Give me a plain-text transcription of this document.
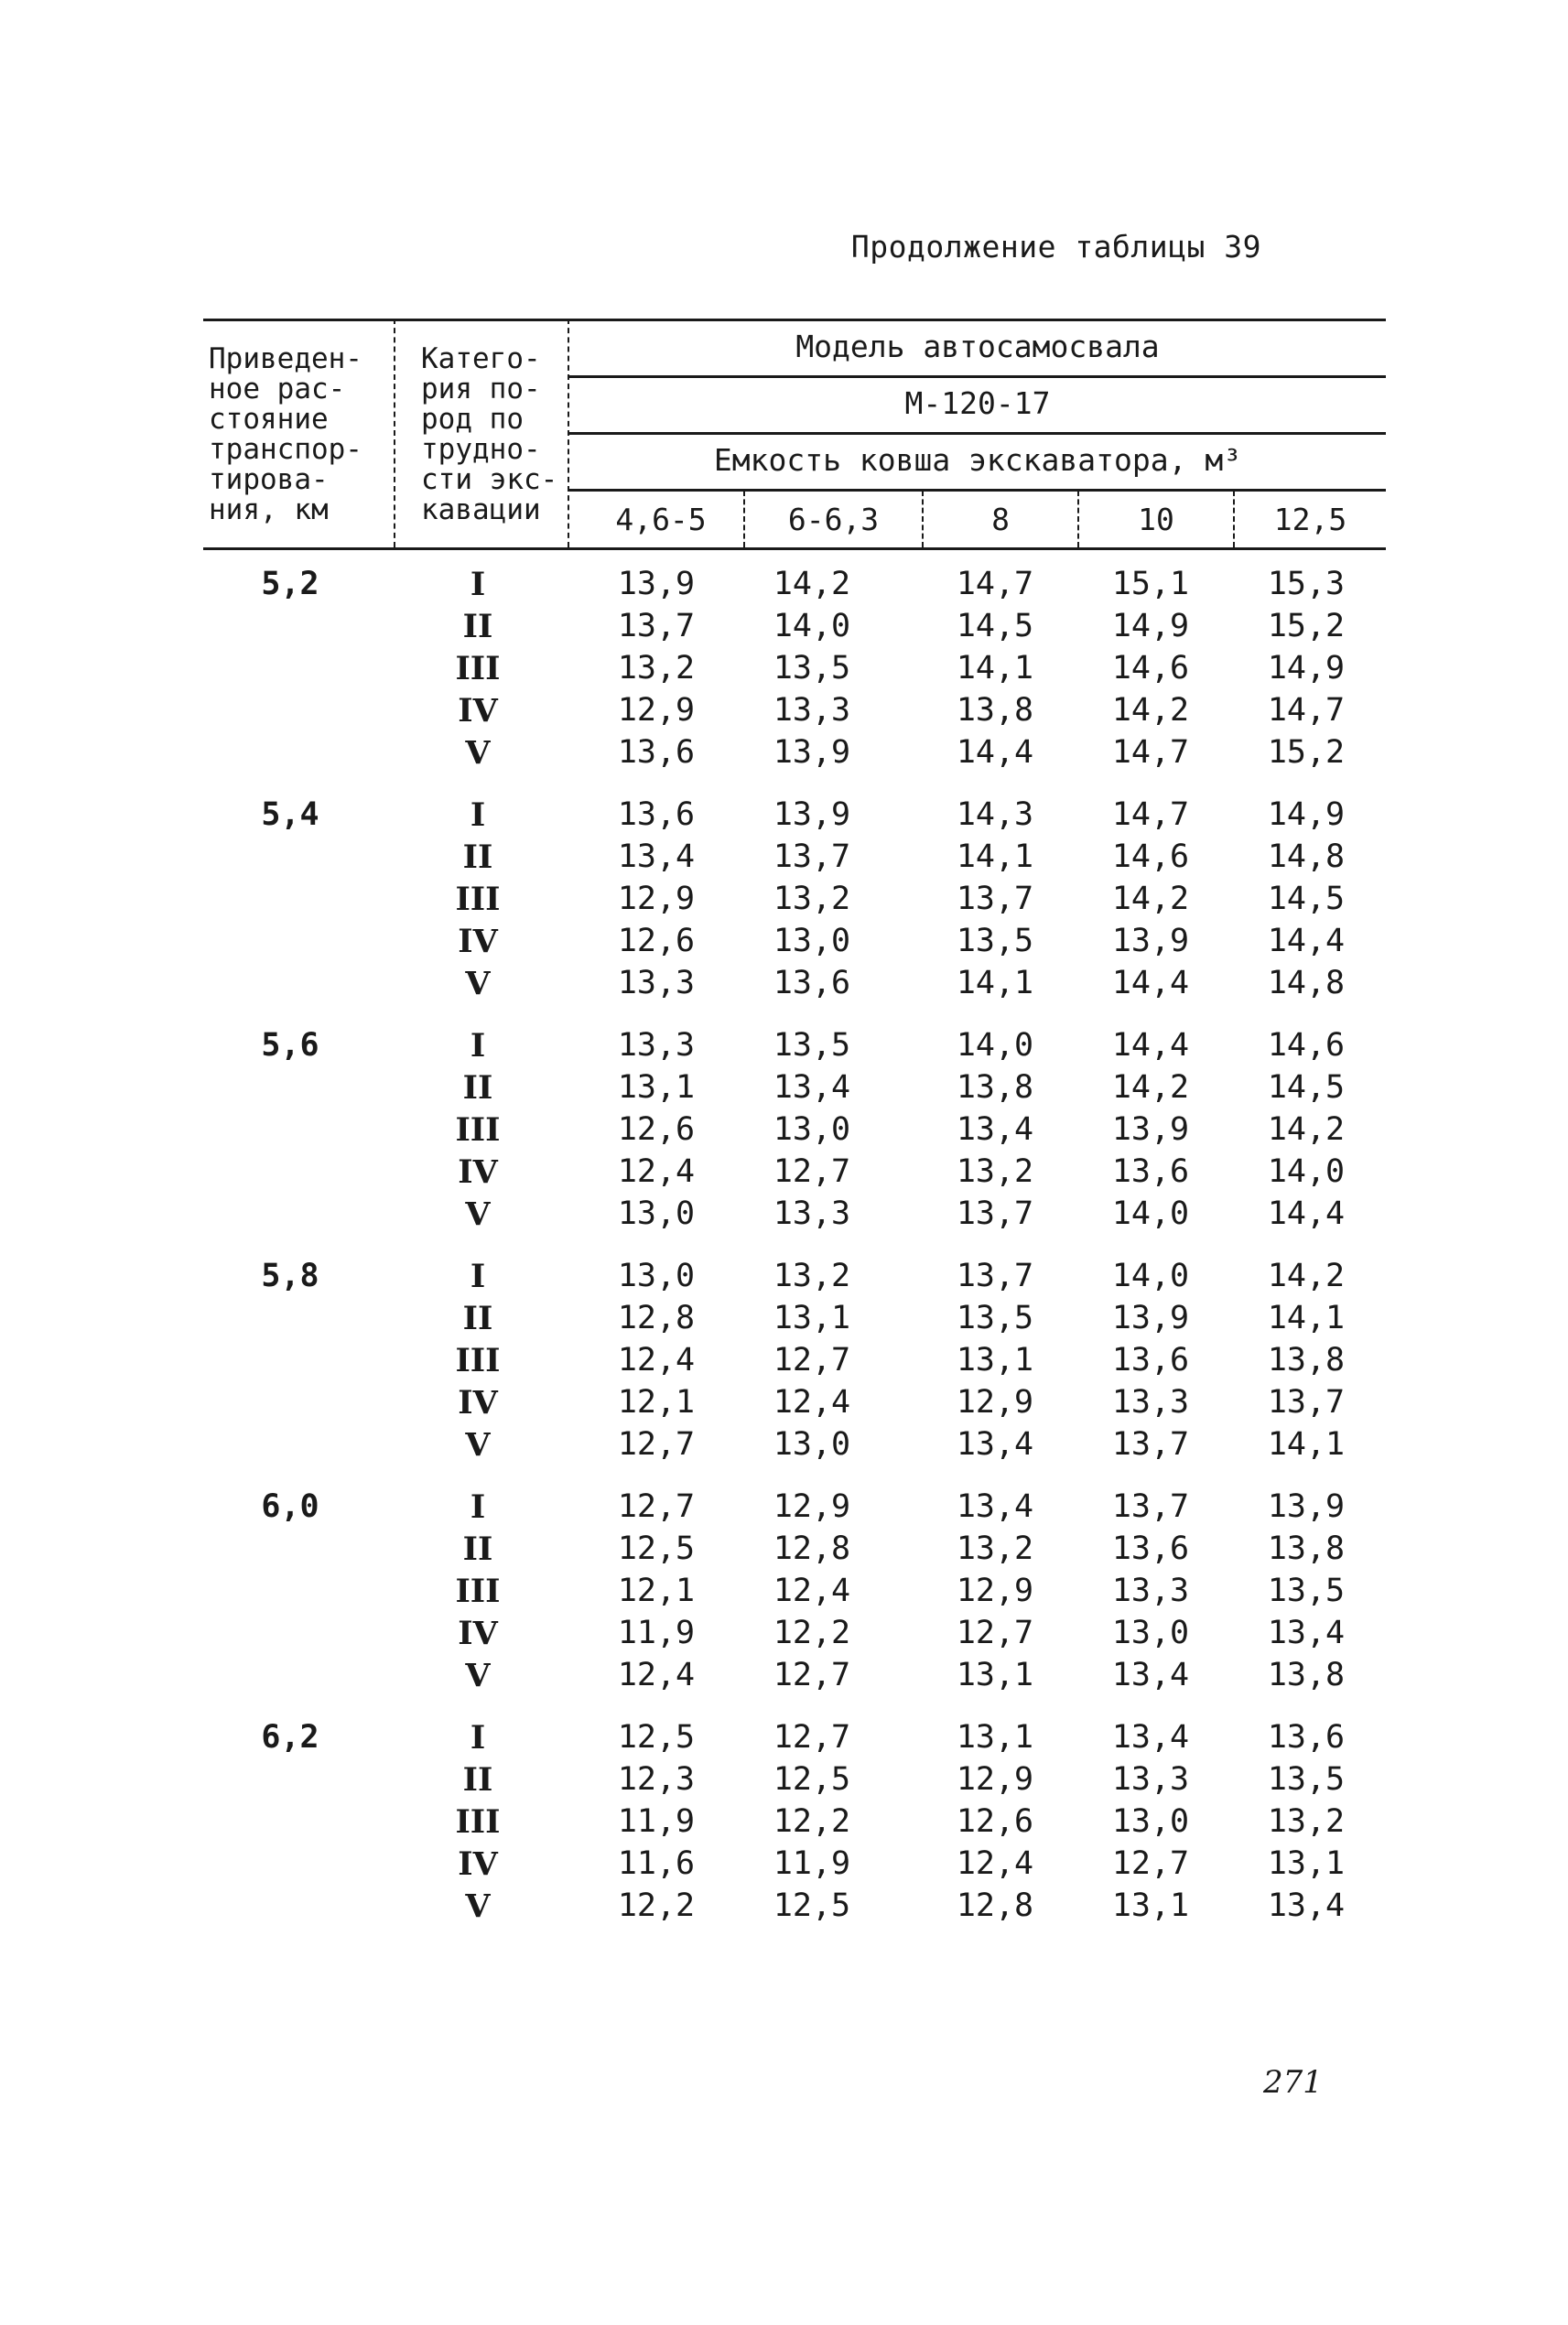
Продолжение таблицы 39
Приведен-
ное рас-
стояние
транспор-
тирова-
ния, км
Катего-
рия по-
род по
трудно-
сти экс-
кавации
Модель автосамосвала
М-120-17
Емкость ковша экскаватора, м³
4,6-5	6-6,3	8	10	12,5
5,2	I	13,9	14,2	14,7	15,1	15,3
II	13,7	14,0	14,5	14,9	15,2
III	13,2	13,5	14,1	14,6	14,9
IV	12,9	13,3	13,8	14,2	14,7
V	13,6	13,9	14,4	14,7	15,2
5,4	I	13,6	13,9	14,3	14,7	14,9
II	13,4	13,7	14,1	14,6	14,8
III	12,9	13,2	13,7	14,2	14,5
IV	12,6	13,0	13,5	13,9	14,4
V	13,3	13,6	14,1	14,4	14,8
5,6	I	13,3	13,5	14,0	14,4	14,6
II	13,1	13,4	13,8	14,2	14,5
III	12,6	13,0	13,4	13,9	14,2
IV	12,4	12,7	13,2	13,6	14,0
V	13,0	13,3	13,7	14,0	14,4
5,8	I	13,0	13,2	13,7	14,0	14,2
II	12,8	13,1	13,5	13,9	14,1
III	12,4	12,7	13,1	13,6	13,8
IV	12,1	12,4	12,9	13,3	13,7
V	12,7	13,0	13,4	13,7	14,1
6,0	I	12,7	12,9	13,4	13,7	13,9
II	12,5	12,8	13,2	13,6	13,8
III	12,1	12,4	12,9	13,3	13,5
IV	11,9	12,2	12,7	13,0	13,4
V	12,4	12,7	13,1	13,4	13,8
6,2	I	12,5	12,7	13,1	13,4	13,6
II	12,3	12,5	12,9	13,3	13,5
III	11,9	12,2	12,6	13,0	13,2
IV	11,6	11,9	12,4	12,7	13,1
V	12,2	12,5	12,8	13,1	13,4
271
